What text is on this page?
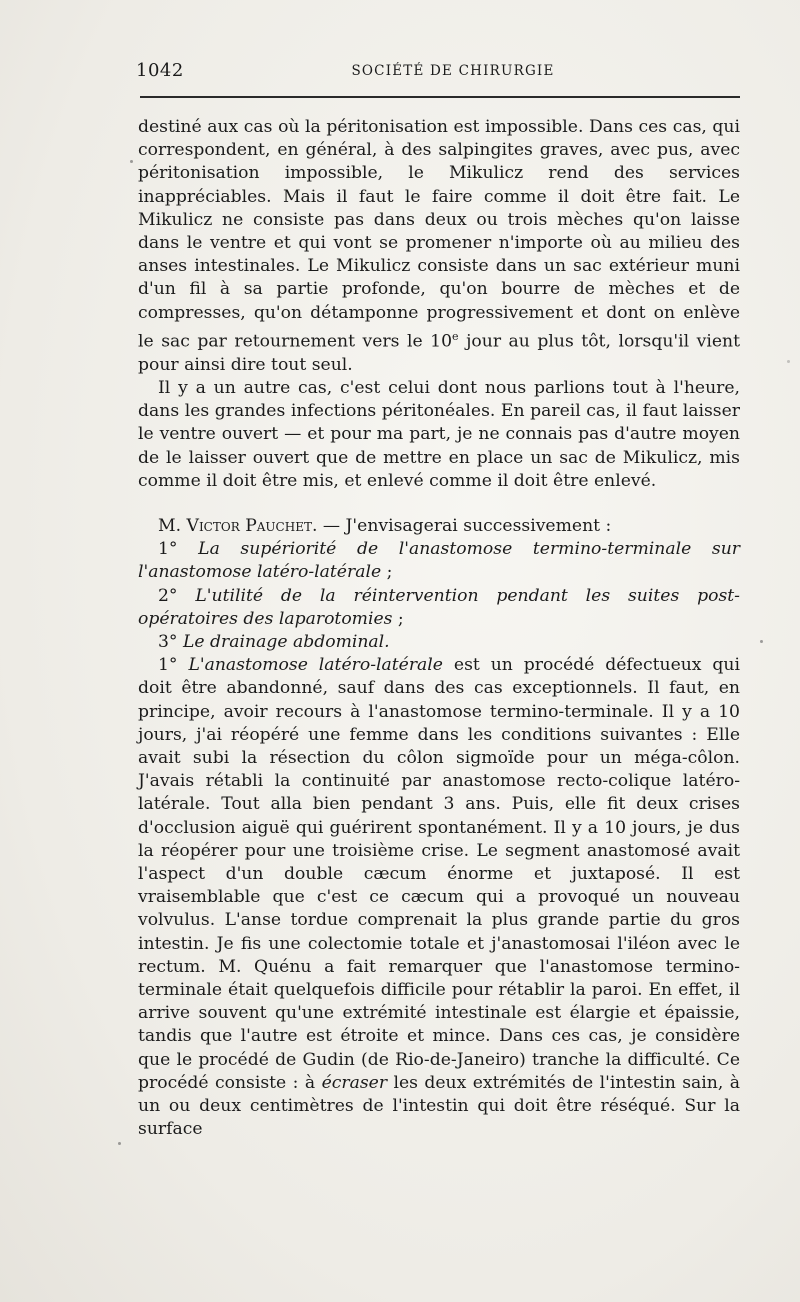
1042	SOCIÉTÉ DE CHIRURGIE

destiné aux cas où la péritonisation est impossible. Dans ces cas, qui correspondent, en général, à des salpingites graves, avec pus, avec péritonisation impossible, le Mikulicz rend des services inappréciables. Mais il faut le faire comme il doit être fait. Le Mikulicz ne consiste pas dans deux ou trois mèches qu'on laisse dans le ventre et qui vont se promener n'importe où au milieu des anses intestinales. Le Mikulicz consiste dans un sac extérieur muni d'un fil à sa partie profonde, qu'on bourre de mèches et de compresses, qu'on détamponne progressivement et dont on enlève le sac par retournement vers le 10e jour au plus tôt, lorsqu'il vient pour ainsi dire tout seul.

Il y a un autre cas, c'est celui dont nous parlions tout à l'heure, dans les grandes infections péritonéales. En pareil cas, il faut laisser le ventre ouvert — et pour ma part, je ne connais pas d'autre moyen de le laisser ouvert que de mettre en place un sac de Mikulicz, mis comme il doit être mis, et enlevé comme il doit être enlevé.

M. Victor Pauchet. — J'envisagerai successivement :

1° La supériorité de l'anastomose termino-terminale sur l'anastomose latéro-latérale ;

2° L'utilité de la réintervention pendant les suites post-opératoires des laparotomies ;

3° Le drainage abdominal.

1° L'anastomose latéro-latérale est un procédé défectueux qui doit être abandonné, sauf dans des cas exceptionnels. Il faut, en principe, avoir recours à l'anastomose termino-terminale. Il y a 10 jours, j'ai réopéré une femme dans les conditions suivantes : Elle avait subi la résection du côlon sigmoïde pour un méga-côlon. J'avais rétabli la continuité par anastomose recto-colique latéro-latérale. Tout alla bien pendant 3 ans. Puis, elle fit deux crises d'occlusion aiguë qui guérirent spontanément. Il y a 10 jours, je dus la réopérer pour une troisième crise. Le segment anastomosé avait l'aspect d'un double cæcum énorme et juxtaposé. Il est vraisemblable que c'est ce cæcum qui a provoqué un nouveau volvulus. L'anse tordue comprenait la plus grande partie du gros intestin. Je fis une colectomie totale et j'anastomosai l'iléon avec le rectum. M. Quénu a fait remarquer que l'anastomose termino-terminale était quelquefois difficile pour rétablir la paroi. En effet, il arrive souvent qu'une extrémité intestinale est élargie et épaissie, tandis que l'autre est étroite et mince. Dans ces cas, je considère que le procédé de Gudin (de Rio-de-Janeiro) tranche la difficulté. Ce procédé consiste : à écraser les deux extrémités de l'intestin sain, à un ou deux centimètres de l'intestin qui doit être réséqué. Sur la surface
